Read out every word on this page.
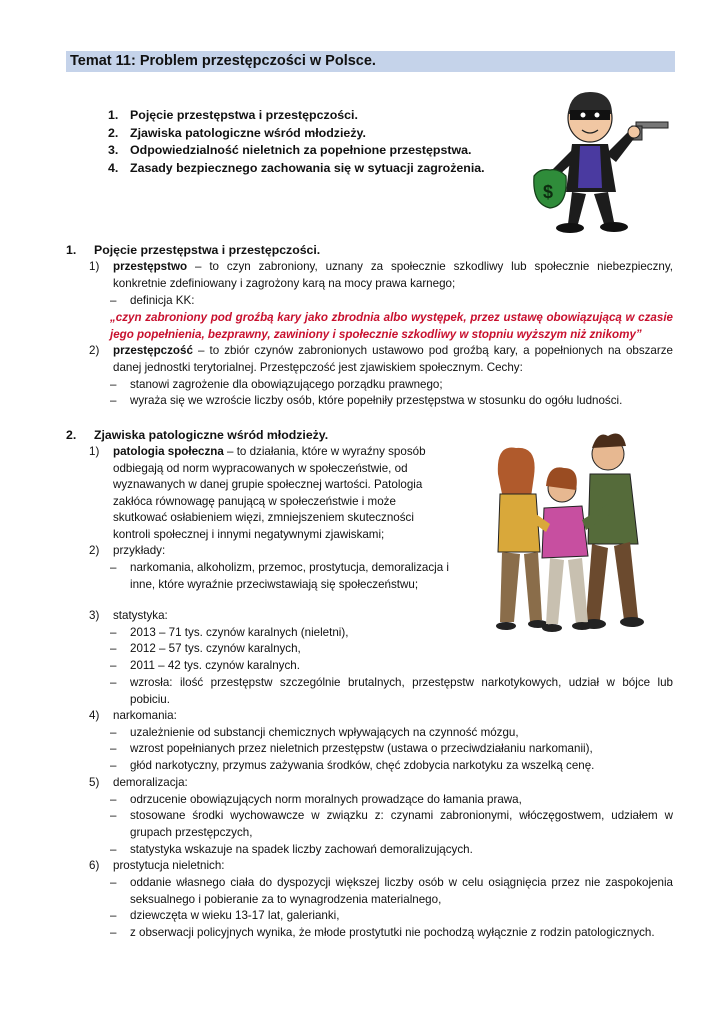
Temat 11: Problem przestępczości w Polsce.
1. Pojęcie przestępstwa i przestępczości.
2. Zjawiska patologiczne wśród młodzieży.
3. Odpowiedzialność nieletnich za popełnione przestępstwa.
4. Zasady bezpiecznego zachowania się w sytuacji zagrożenia.
$
1. Pojęcie przestępstwa i przestępczości.
1) przestępstwo – to czyn zabroniony, uznany za społecznie szkodliwy lub społecznie niebezpieczny, konkretnie zdefiniowany i zagrożony karą na mocy prawa karnego;
– definicja KK:
„czyn zabroniony pod groźbą kary jako zbrodnia albo występek, przez ustawę obowiązującą w czasie jego popełnienia, bezprawny, zawiniony i społecznie szkodliwy w stopniu wyższym niż znikomy”
2) przestępczość – to zbiór czynów zabronionych ustawowo pod groźbą kary, a popełnionych na obszarze danej jednostki terytorialnej. Przestępczość jest zjawiskiem społecznym. Cechy:
– stanowi zagrożenie dla obowiązującego porządku prawnego;
– wyraża się we wzroście liczby osób, które popełniły przestępstwa w stosunku do ogółu ludności.
2. Zjawiska patologiczne wśród młodzieży.
1) patologia społeczna – to działania, które w wyraźny sposób odbiegają od norm wypracowanych w społeczeństwie, od wyznawanych w danej grupie społecznej wartości. Patologia zakłóca równowagę panującą w społeczeństwie i może skutkować osłabieniem więzi, zmniejszeniem skuteczności kontroli społecznej i innymi negatywnymi zjawiskami;
2) przykłady:
– narkomania, alkoholizm, przemoc, prostytucja, demoralizacja i inne, które wyraźnie przeciwstawiają się społeczeństwu;
3) statystyka:
– 2013 – 71 tys. czynów karalnych (nieletni),
– 2012 – 57 tys. czynów karalnych,
– 2011 – 42 tys. czynów karalnych.
– wzrosła: ilość przestępstw szczególnie brutalnych, przestępstw narkotykowych, udział w bójce lub pobiciu.
4) narkomania:
– uzależnienie od substancji chemicznych wpływających na czynność mózgu,
– wzrost popełnianych przez nieletnich przestępstw (ustawa o przeciwdziałaniu narkomanii),
– głód narkotyczny, przymus zażywania środków, chęć zdobycia narkotyku za wszelką cenę.
5) demoralizacja:
– odrzucenie obowiązujących norm moralnych prowadzące do łamania prawa,
– stosowane środki wychowawcze w związku z: czynami zabronionymi, włóczęgostwem, udziałem w grupach przestępczych,
– statystyka wskazuje na spadek liczby zachowań demoralizujących.
6) prostytucja nieletnich:
– oddanie własnego ciała do dyspozycji większej liczby osób w celu osiągnięcia przez nie zaspokojenia seksualnego i pobieranie za to wynagrodzenia materialnego,
– dziewczęta w wieku 13-17 lat, galerianki,
– z obserwacji policyjnych wynika, że młode prostytutki nie pochodzą wyłącznie z rodzin patologicznych.
